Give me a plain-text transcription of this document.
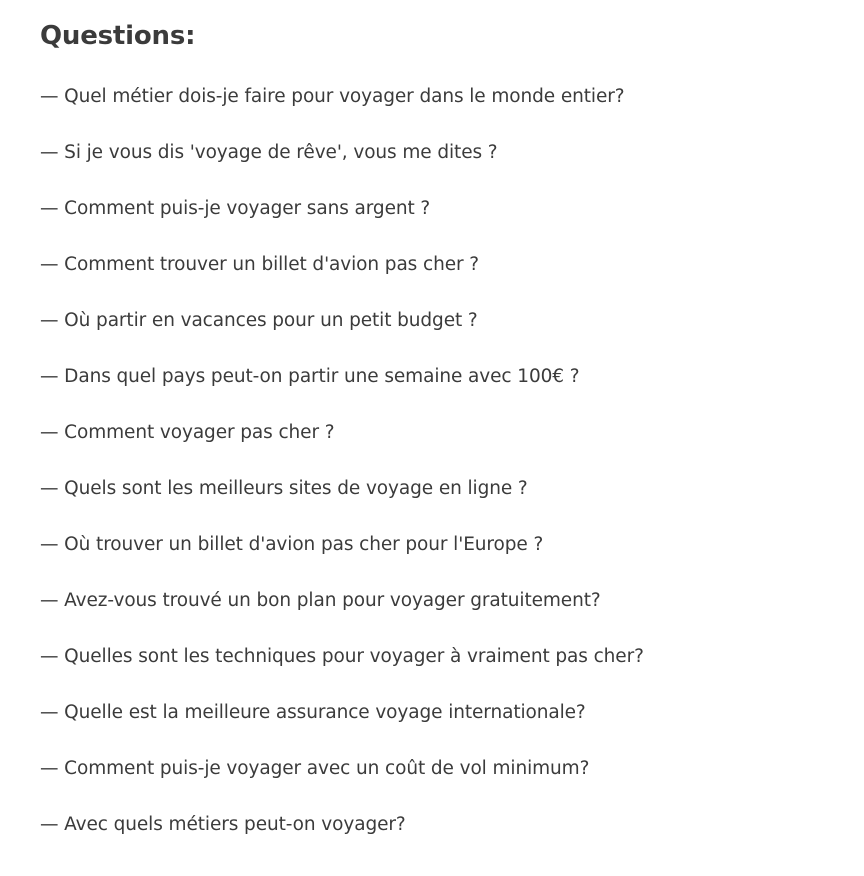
Questions:
— Quel métier dois-je faire pour voyager dans le monde entier?
— Si je vous dis 'voyage de rêve', vous me dites ?
— Comment puis-je voyager sans argent ?
— Comment trouver un billet d'avion pas cher ?
— Où partir en vacances pour un petit budget ?
— Dans quel pays peut-on partir une semaine avec 100€ ?
— Comment voyager pas cher ?
— Quels sont les meilleurs sites de voyage en ligne ?
— Où trouver un billet d'avion pas cher pour l'Europe ?
— Avez-vous trouvé un bon plan pour voyager gratuitement?
— Quelles sont les techniques pour voyager à vraiment pas cher?
— Quelle est la meilleure assurance voyage internationale?
— Comment puis-je voyager avec un coût de vol minimum?
— Avec quels métiers peut-on voyager?
